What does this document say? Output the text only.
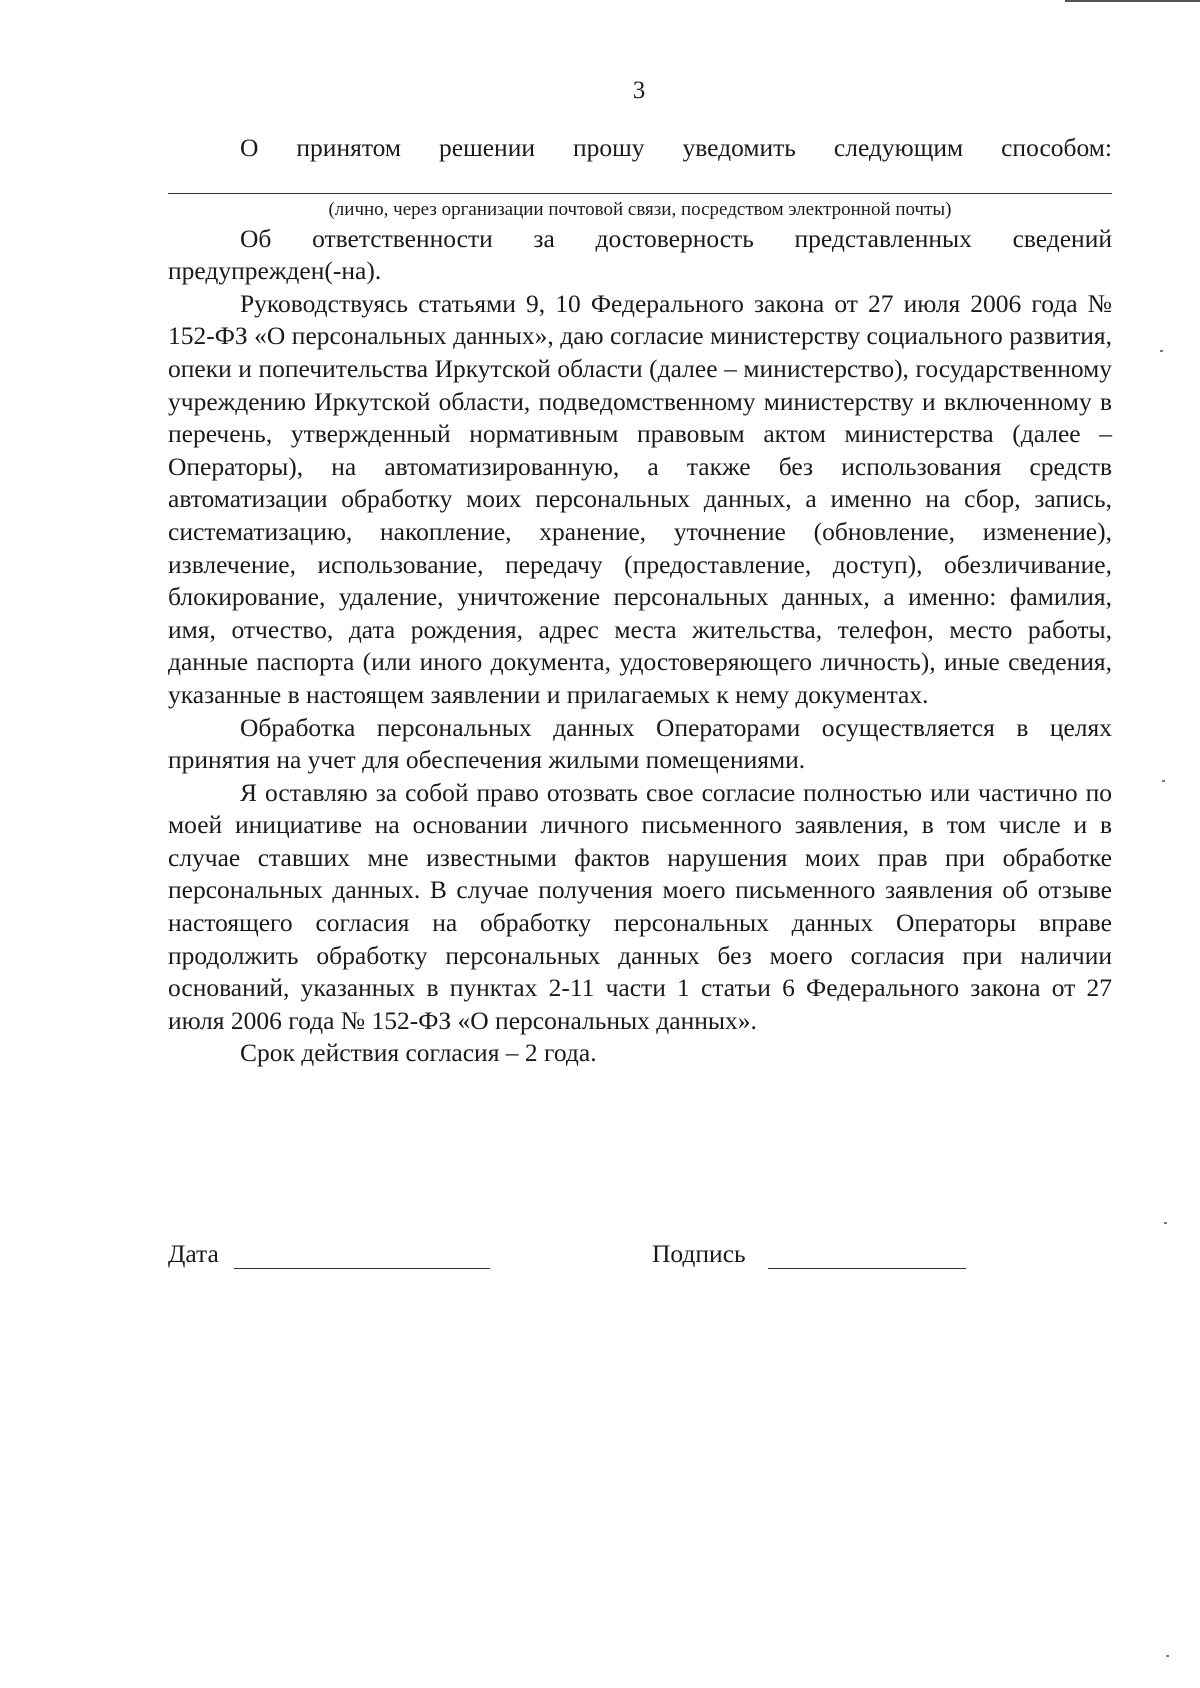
3

О принятом решении прошу уведомить следующим способом:

(лично, через организации почтовой связи, посредством электронной почты)

Об ответственности за достоверность представленных сведений предупрежден(-на).

Руководствуясь статьями 9, 10 Федерального закона от 27 июля 2006 года № 152-ФЗ «О персональных данных», даю согласие министерству социального развития, опеки и попечительства Иркутской области (далее – министерство), государственному учреждению Иркутской области, подведомственному министерству и включенному в перечень, утвержденный нормативным правовым актом министерства (далее – Операторы), на автоматизированную, а также без использования средств автоматизации обработку моих персональных данных, а именно на сбор, запись, систематизацию, накопление, хранение, уточнение (обновление, изменение), извлечение, использование, передачу (предоставление, доступ), обезличивание, блокирование, удаление, уничтожение персональных данных, а именно: фамилия, имя, отчество, дата рождения, адрес места жительства, телефон, место работы, данные паспорта (или иного документа, удостоверяющего личность), иные сведения, указанные в настоящем заявлении и прилагаемых к нему документах.

Обработка персональных данных Операторами осуществляется в целях принятия на учет для обеспечения жилыми помещениями.

Я оставляю за собой право отозвать свое согласие полностью или частично по моей инициативе на основании личного письменного заявления, в том числе и в случае ставших мне известными фактов нарушения моих прав при обработке персональных данных. В случае получения моего письменного заявления об отзыве настоящего согласия на обработку персональных данных Операторы вправе продолжить обработку персональных данных без моего согласия при наличии оснований, указанных в пунктах 2-11 части 1 статьи 6 Федерального закона от 27 июля 2006 года № 152-ФЗ «О персональных данных».

Срок действия согласия – 2 года.

Дата	Подпись
